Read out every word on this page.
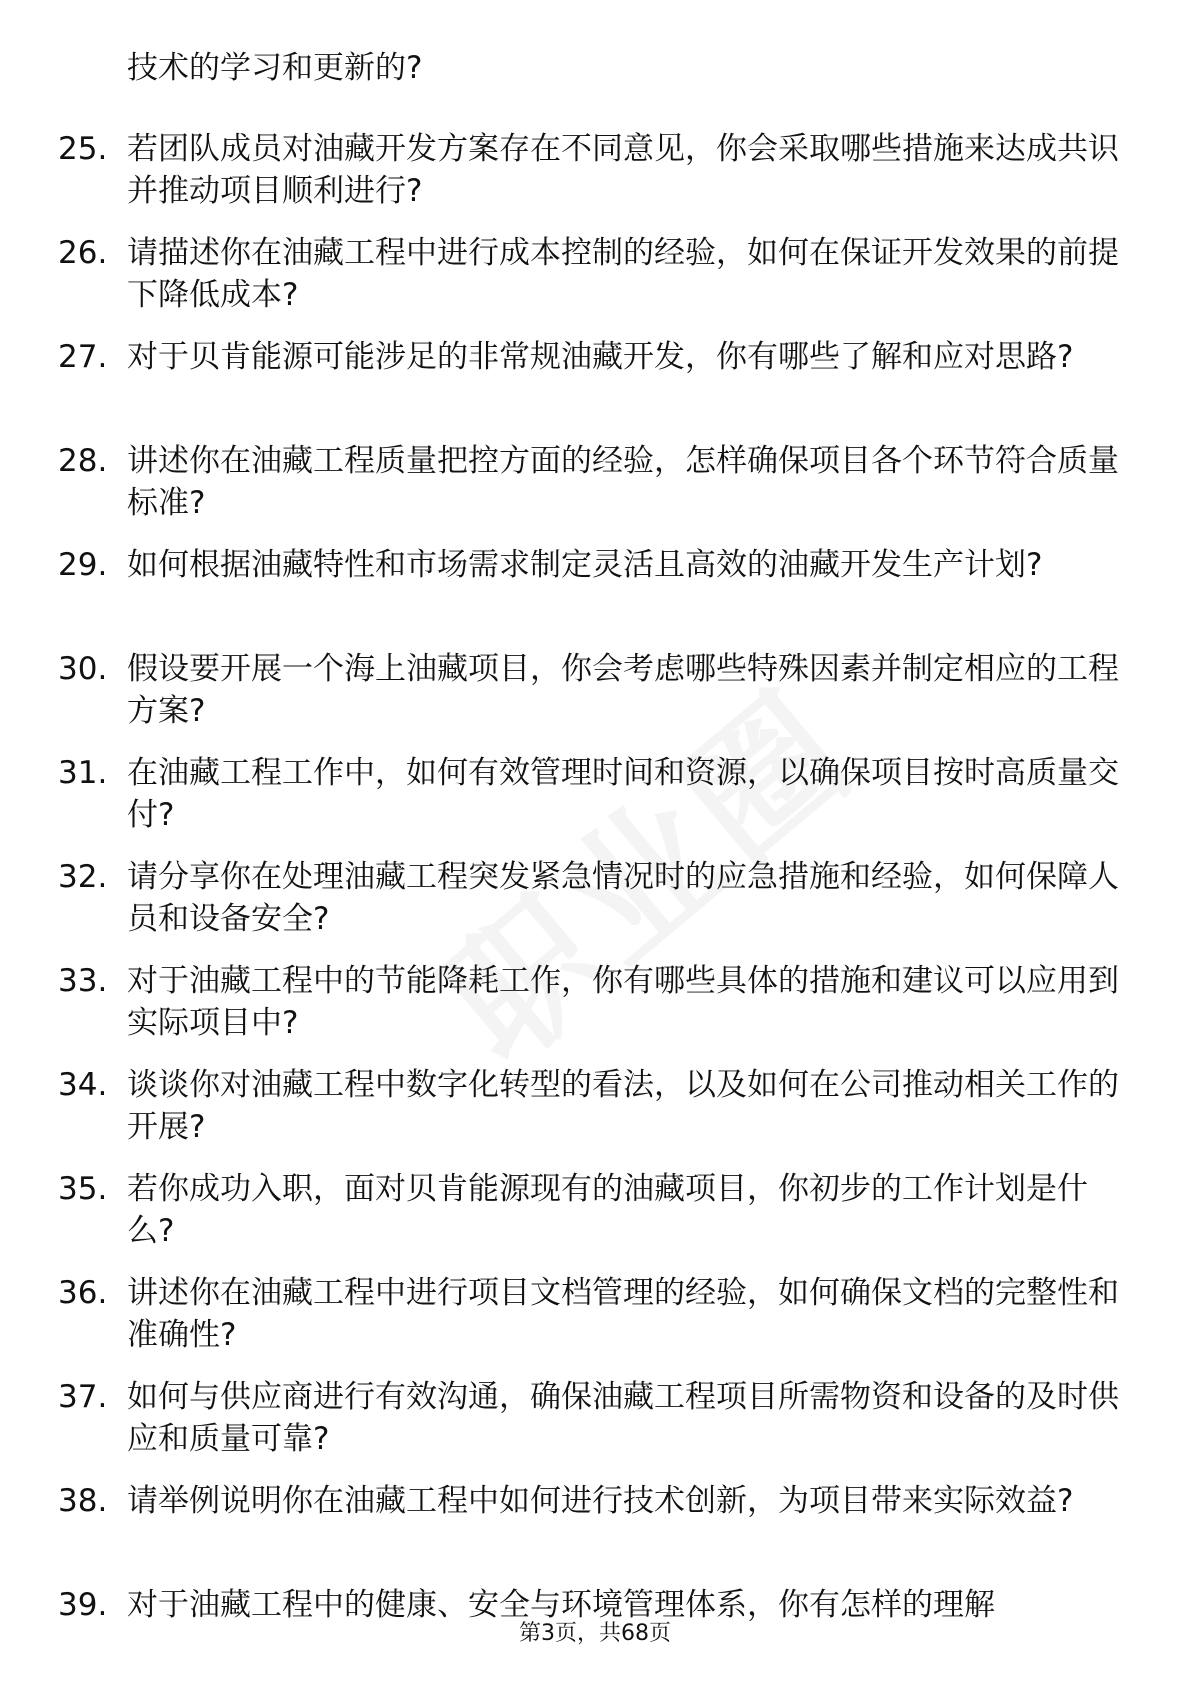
技术的学习和更新的?

25. 若团队成员对油藏开发方案存在不同意见，你会采取哪些措施来达成共识并推动项目顺利进行?
26. 请描述你在油藏工程中进行成本控制的经验，如何在保证开发效果的前提下降低成本?
27. 对于贝肯能源可能涉足的非常规油藏开发，你有哪些了解和应对思路?
28. 讲述你在油藏工程质量把控方面的经验，怎样确保项目各个环节符合质量标准?
29. 如何根据油藏特性和市场需求制定灵活且高效的油藏开发生产计划?
30. 假设要开展一个海上油藏项目，你会考虑哪些特殊因素并制定相应的工程方案?
31. 在油藏工程工作中，如何有效管理时间和资源，以确保项目按时高质量交付?
32. 请分享你在处理油藏工程突发紧急情况时的应急措施和经验，如何保障人员和设备安全?
33. 对于油藏工程中的节能降耗工作，你有哪些具体的措施和建议可以应用到实际项目中?
34. 谈谈你对油藏工程中数字化转型的看法，以及如何在公司推动相关工作的开展?
35. 若你成功入职，面对贝肯能源现有的油藏项目，你初步的工作计划是什么?
36. 讲述你在油藏工程中进行项目文档管理的经验，如何确保文档的完整性和准确性?
37. 如何与供应商进行有效沟通，确保油藏工程项目所需物资和设备的及时供应和质量可靠?
38. 请举例说明你在油藏工程中如何进行技术创新，为项目带来实际效益?
39. 对于油藏工程中的健康、安全与环境管理体系，你有怎样的理解
第3页，共68页
